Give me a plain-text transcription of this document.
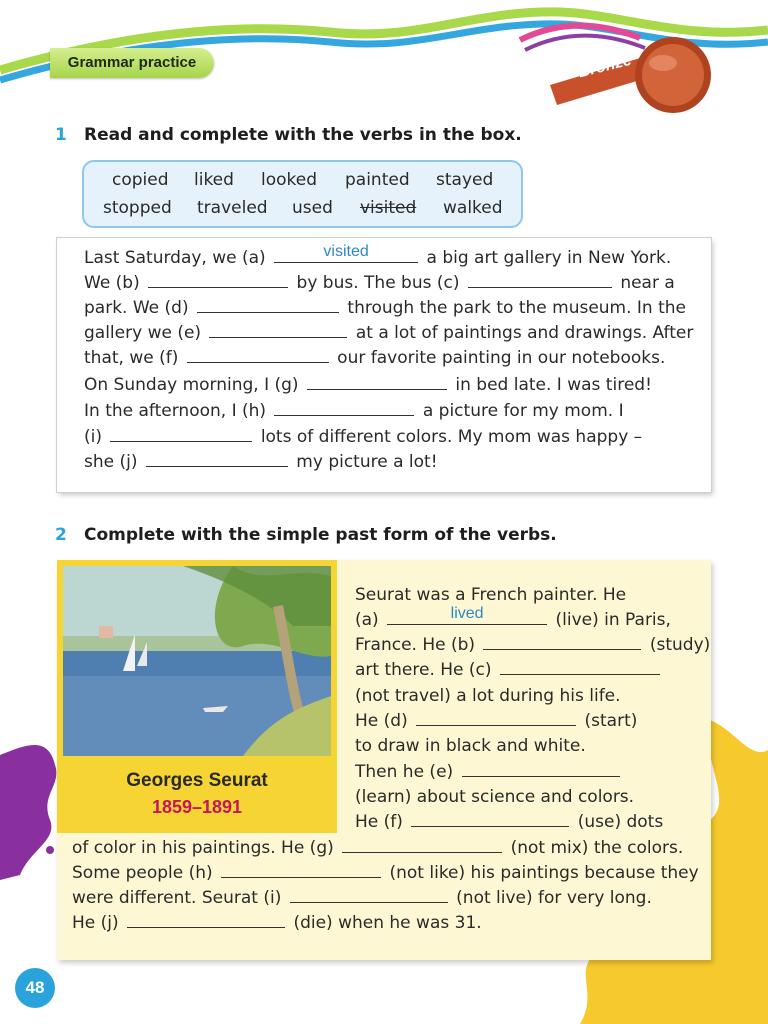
Grammar practice	Bronze
1 Read and complete with the verbs in the box.
copied liked looked painted stayed
stopped traveled used visited walked
Last Saturday, we (a)	visited	a big art gallery in New York.
We (b)	by bus. The bus (c)	near a
park. We (d)	through the park to the museum. In the
gallery we (e)	at a lot of paintings and drawings. After
that, we (f)	our favorite painting in our notebooks.
On Sunday morning, I (g)	in bed late. I was tired!
In the afternoon, I (h)	a picture for my mom. I
(i)	lots of different colors. My mom was happy –
she (j)	my picture a lot!
2 Complete with the simple past form of the verbs.
Georges Seurat
1859–1891
Seurat was a French painter. He
(a)	lived	(live) in Paris,
France. He (b)	(study)
art there. He (c)
(not travel) a lot during his life.
He (d)	(start)
to draw in black and white.
Then he (e)
(learn) about science and colors.
He (f)	(use) dots
of color in his paintings. He (g)	(not mix) the colors.
Some people (h)	(not like) his paintings because they
were different. Seurat (i)	(not live) for very long.
He (j)	(die) when he was 31.
48
